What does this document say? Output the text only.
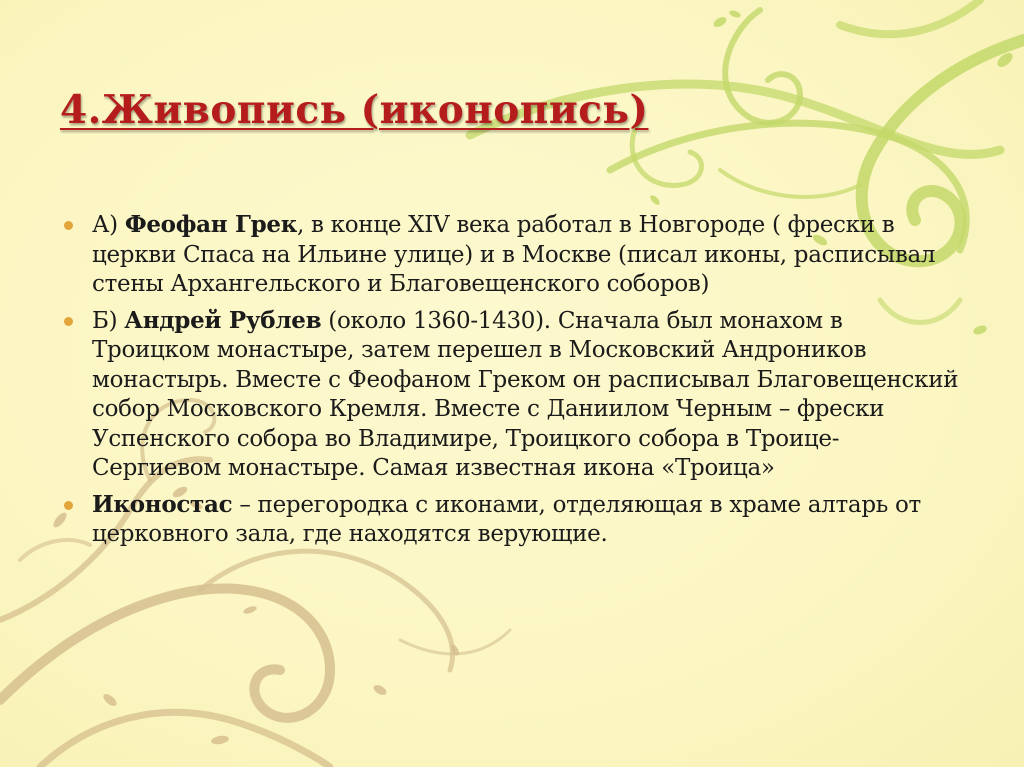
4.Живопись (иконопись)
А) Феофан Грек, в конце XIV века работал в Новгороде ( фрески в церкви Спаса на Ильине улице) и в Москве (писал иконы, расписывал стены Архангельского и Благовещенского соборов)
Б) Андрей Рублев (около 1360-1430). Сначала был монахом в Троицком монастыре, затем перешел в Московский Андроников монастырь. Вместе с Феофаном Греком он расписывал Благовещенский собор Московского Кремля. Вместе с Даниилом Черным – фрески Успенского собора во Владимире, Троицкого собора в Троице-Сергиевом монастыре. Самая известная икона «Троица»
Иконостас – перегородка с иконами, отделяющая в храме алтарь от церковного зала, где находятся верующие.
